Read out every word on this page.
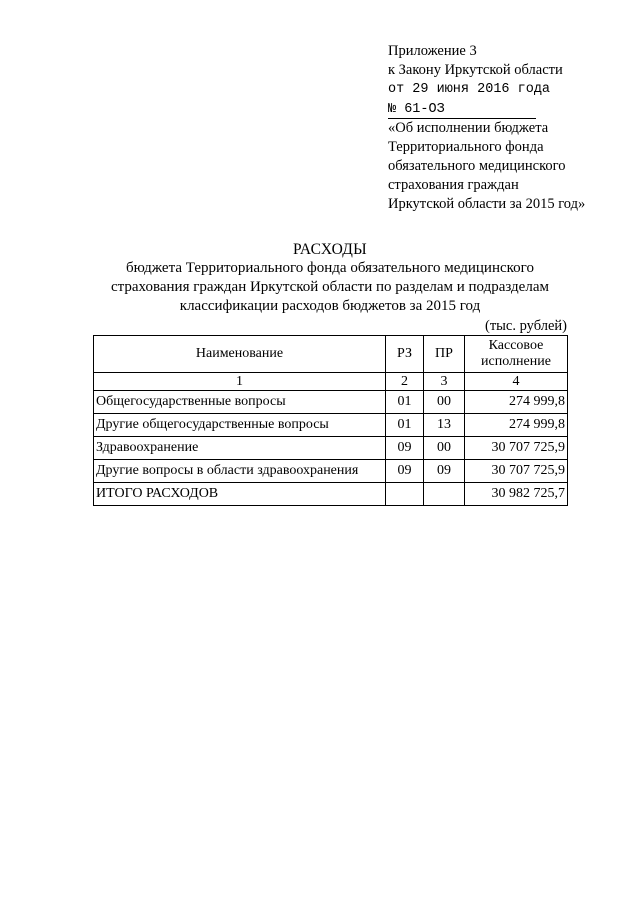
Приложение 3
к Закону Иркутской области
от 29 июня 2016 года
№ 61-ОЗ
«Об исполнении бюджета
Территориального фонда
обязательного медицинского
страхования граждан
Иркутской области за 2015 год»
РАСХОДЫ
бюджета Территориального фонда обязательного медицинского
страхования граждан Иркутской области по разделам и подразделам
классификации расходов бюджетов за 2015 год
(тыс. рублей)
Наименование	РЗ	ПР	Кассовое
исполнение

1	2	3	4
Общегосударственные вопросы	01	00	274 999,8
Другие общегосударственные вопросы	01	13	274 999,8
Здравоохранение	09	00	30 707 725,9
Другие вопросы в области здравоохранения	09	09	30 707 725,9
ИТОГО РАСХОДОВ			30 982 725,7
